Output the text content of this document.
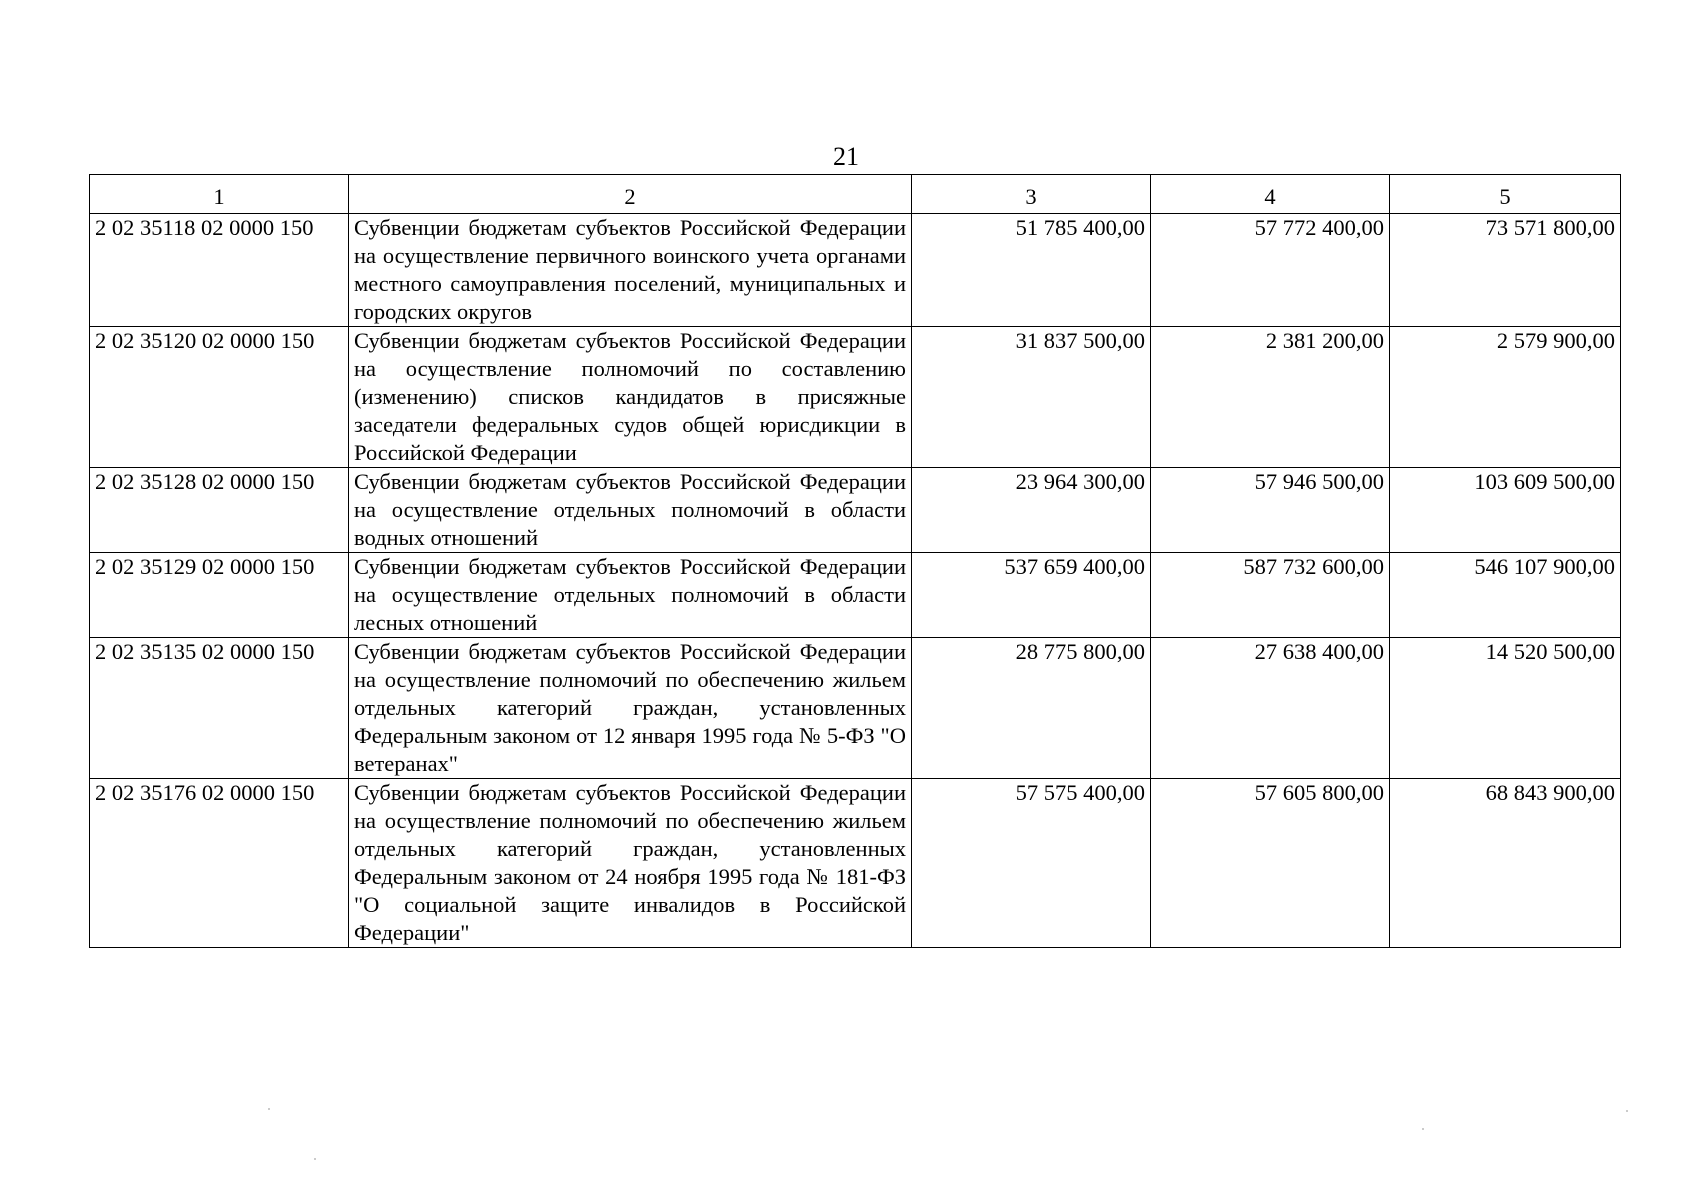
21
1	2	3	4	5
2 02 35118 02 0000 150	Субвенции бюджетам субъектов Российской Федерации на осуществление первичного воинского учета органами местного самоуправления поселений, муниципальных и городских округов	51 785 400,00	57 772 400,00	73 571 800,00
2 02 35120 02 0000 150	Субвенции бюджетам субъектов Российской Федерации на осуществление полномочий по составлению (изменению) списков кандидатов в присяжные заседатели федеральных судов общей юрисдикции в Российской Федерации	31 837 500,00	2 381 200,00	2 579 900,00
2 02 35128 02 0000 150	Субвенции бюджетам субъектов Российской Федерации на осуществление отдельных полномочий в области водных отношений	23 964 300,00	57 946 500,00	103 609 500,00
2 02 35129 02 0000 150	Субвенции бюджетам субъектов Российской Федерации на осуществление отдельных полномочий в области лесных отношений	537 659 400,00	587 732 600,00	546 107 900,00
2 02 35135 02 0000 150	Субвенции бюджетам субъектов Российской Федерации на осуществление полномочий по обеспечению жильем отдельных категорий граждан, установленных Федеральным законом от 12 января 1995 года № 5-ФЗ "О ветеранах"	28 775 800,00	27 638 400,00	14 520 500,00
2 02 35176 02 0000 150	Субвенции бюджетам субъектов Российской Федерации на осуществление полномочий по обеспечению жильем отдельных категорий граждан, установленных Федеральным законом от 24 ноября 1995 года № 181-ФЗ "О социальной защите инвалидов в Российской Федерации"	57 575 400,00	57 605 800,00	68 843 900,00
